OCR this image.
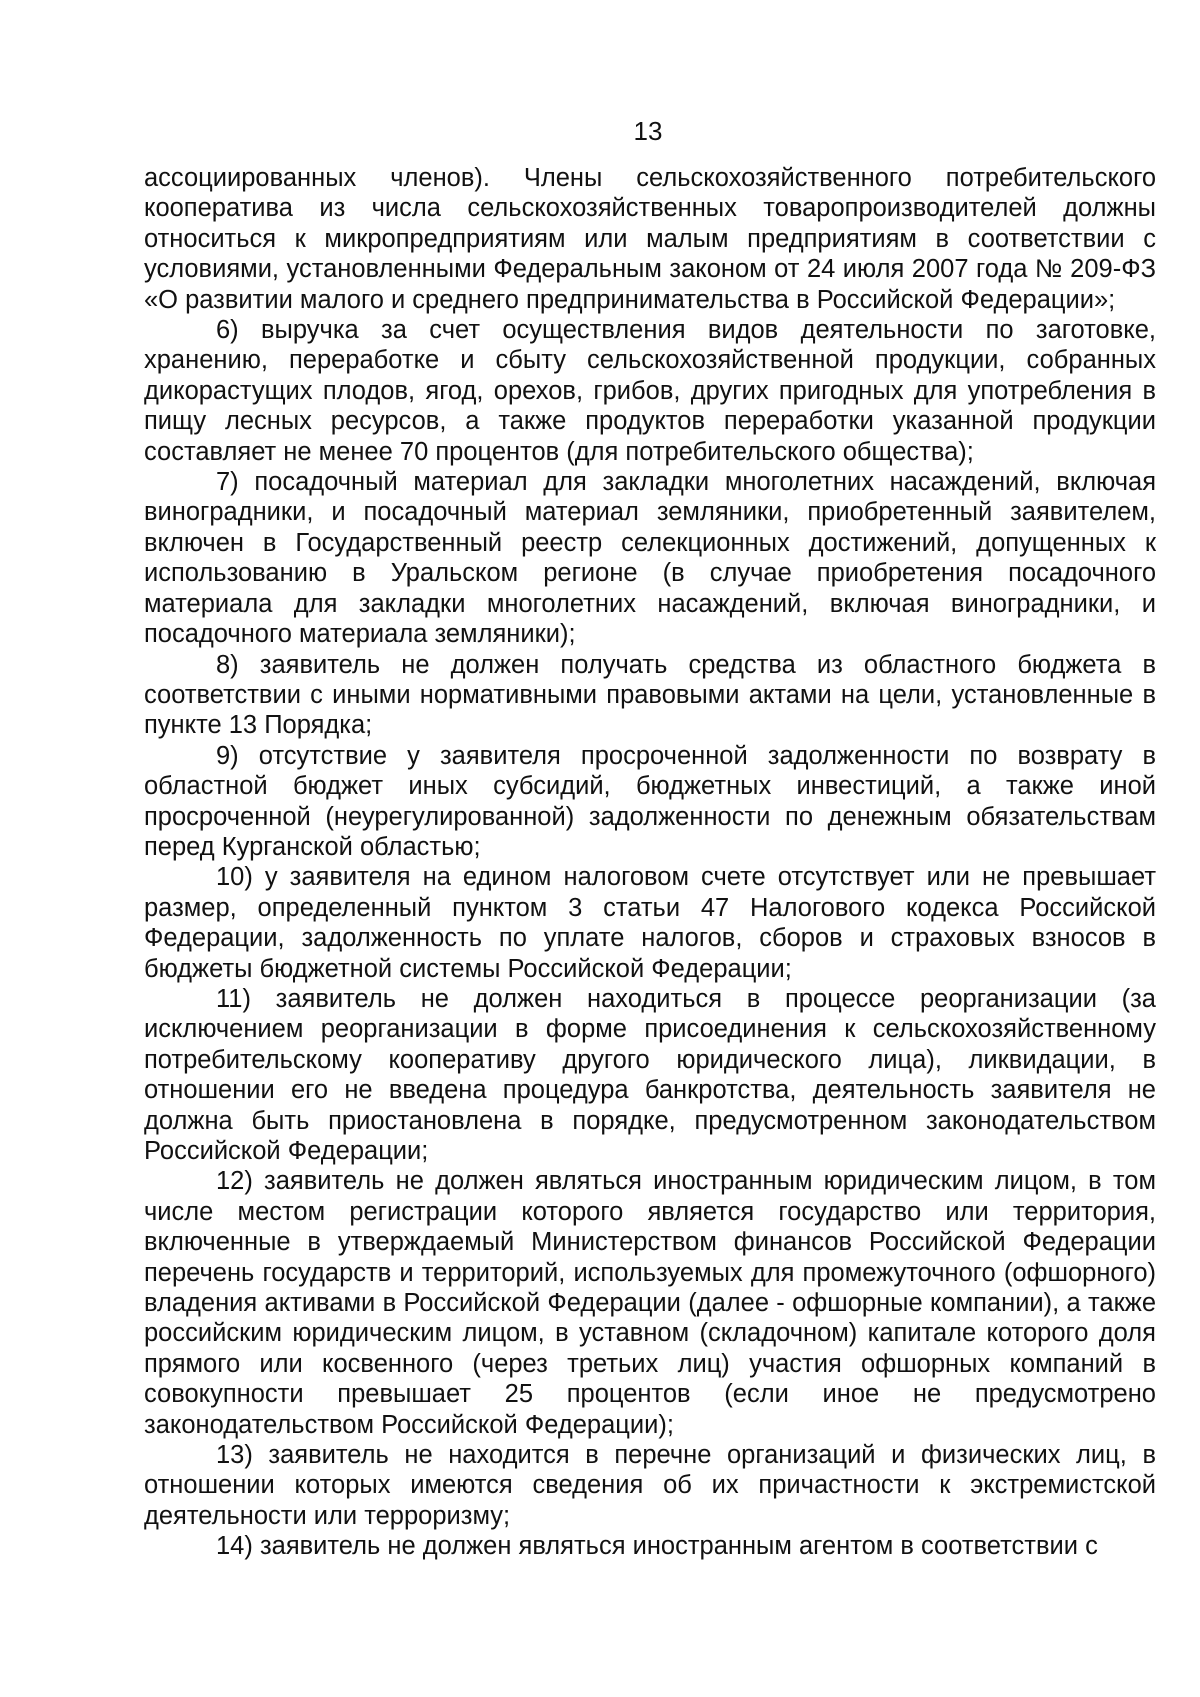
13

ассоциированных членов). Члены сельскохозяйственного потребительского кооператива из числа сельскохозяйственных товаропроизводителей должны относиться к микропредприятиям или малым предприятиям в соответствии с условиями, установленными Федеральным законом от 24 июля 2007 года № 209-ФЗ «О развитии малого и среднего предпринимательства в Российской Федерации»;

6) выручка за счет осуществления видов деятельности по заготовке, хранению, переработке и сбыту сельскохозяйственной продукции, собранных дикорастущих плодов, ягод, орехов, грибов, других пригодных для употребления в пищу лесных ресурсов, а также продуктов переработки указанной продукции составляет не менее 70 процентов (для потребительского общества);

7) посадочный материал для закладки многолетних насаждений, включая виноградники, и посадочный материал земляники, приобретенный заявителем, включен в Государственный реестр селекционных достижений, допущенных к использованию в Уральском регионе (в случае приобретения посадочного материала для закладки многолетних насаждений, включая виноградники, и посадочного материала земляники);

8) заявитель не должен получать средства из областного бюджета в соответствии с иными нормативными правовыми актами на цели, установленные в пункте 13 Порядка;

9) отсутствие у заявителя просроченной задолженности по возврату в областной бюджет иных субсидий, бюджетных инвестиций, а также иной просроченной (неурегулированной) задолженности по денежным обязательствам перед Курганской областью;

10) у заявителя на едином налоговом счете отсутствует или не превышает размер, определенный пунктом 3 статьи 47 Налогового кодекса Российской Федерации, задолженность по уплате налогов, сборов и страховых взносов в бюджеты бюджетной системы Российской Федерации;

11) заявитель не должен находиться в процессе реорганизации (за исключением реорганизации в форме присоединения к сельскохозяйственному потребительскому кооперативу другого юридического лица), ликвидации, в отношении его не введена процедура банкротства, деятельность заявителя не должна быть приостановлена в порядке, предусмотренном законодательством Российской Федерации;

12) заявитель не должен являться иностранным юридическим лицом, в том числе местом регистрации которого является государство или территория, включенные в утверждаемый Министерством финансов Российской Федерации перечень государств и территорий, используемых для промежуточного (офшорного) владения активами в Российской Федерации (далее - офшорные компании), а также российским юридическим лицом, в уставном (складочном) капитале которого доля прямого или косвенного (через третьих лиц) участия офшорных компаний в совокупности превышает 25 процентов (если иное не предусмотрено законодательством Российской Федерации);

13) заявитель не находится в перечне организаций и физических лиц, в отношении которых имеются сведения об их причастности к экстремистской деятельности или терроризму;

14) заявитель не должен являться иностранным агентом в соответствии с
